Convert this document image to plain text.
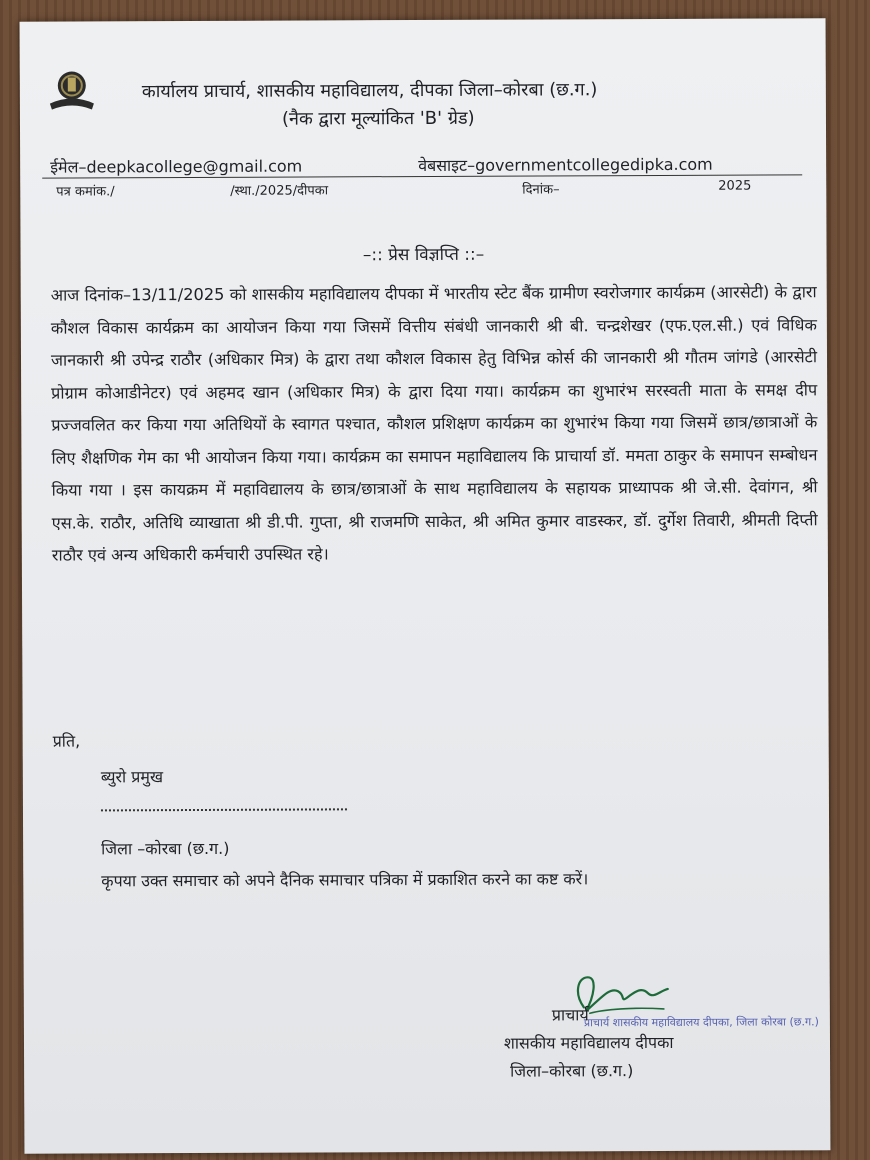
कार्यालय प्राचार्य, शासकीय महाविद्यालय, दीपका जिला–कोरबा (छ.ग.)
(नैक द्वारा मूल्यांकित 'B' ग्रेड)
ईमेल–deepkacollege@gmail.com	वेबसाइट–governmentcollegedipka.com
पत्र कमांक./	/स्था./2025/दीपका	दिनांक–	2025
–:: प्रेस विज्ञप्ति ::–
आज दिनांक–13/11/2025 को शासकीय महाविद्यालय दीपका में भारतीय स्टेट बैंक ग्रामीण स्वरोजगार कार्यक्रम (आरसेटी) के द्वारा कौशल विकास कार्यक्रम का आयोजन किया गया जिसमें वित्तीय संबंधी जानकारी श्री बी. चन्द्रशेखर (एफ.एल.सी.) एवं विधिक जानकारी श्री उपेन्द्र राठौर (अधिकार मित्र) के द्वारा तथा कौशल विकास हेतु विभिन्न कोर्स की जानकारी श्री गौतम जांगडे (आरसेटी प्रोग्राम कोआडीनेटर) एवं अहमद खान (अधिकार मित्र) के द्वारा दिया गया। कार्यक्रम का शुभारंभ सरस्वती माता के समक्ष दीप प्रज्जवलित कर किया गया अतिथियों के स्वागत पश्चात, कौशल प्रशिक्षण कार्यक्रम का शुभारंभ किया गया जिसमें छात्र/छात्राओं के लिए शैक्षणिक गेम का भी आयोजन किया गया। कार्यक्रम का समापन महाविद्यालय कि प्राचार्या डॉ. ममता ठाकुर के समापन सम्बोधन किया गया । इस कायक्रम में महाविद्यालय के छात्र/छात्राओं के साथ महाविद्यालय के सहायक प्राध्यापक श्री जे.सी. देवांगन, श्री एस.के. राठौर, अतिथि व्याखाता श्री डी.पी. गुप्ता, श्री राजमणि साकेत, श्री अमित कुमार वाडस्कर, डॉ. दुर्गेश तिवारी, श्रीमती दिप्ती राठौर एवं अन्य अधिकारी कर्मचारी उपस्थित रहे।
प्रति,
ब्युरो प्रमुख
जिला –कोरबा (छ.ग.)
कृपया उक्त समाचार को अपने दैनिक समाचार पत्रिका में प्रकाशित करने का कष्ट करें।
प्राचार्य शासकीय महाविद्यालय दीपका, जिला कोरबा (छ.ग.)
प्राचार्य
शासकीय महाविद्यालय दीपका
जिला–कोरबा (छ.ग.)
